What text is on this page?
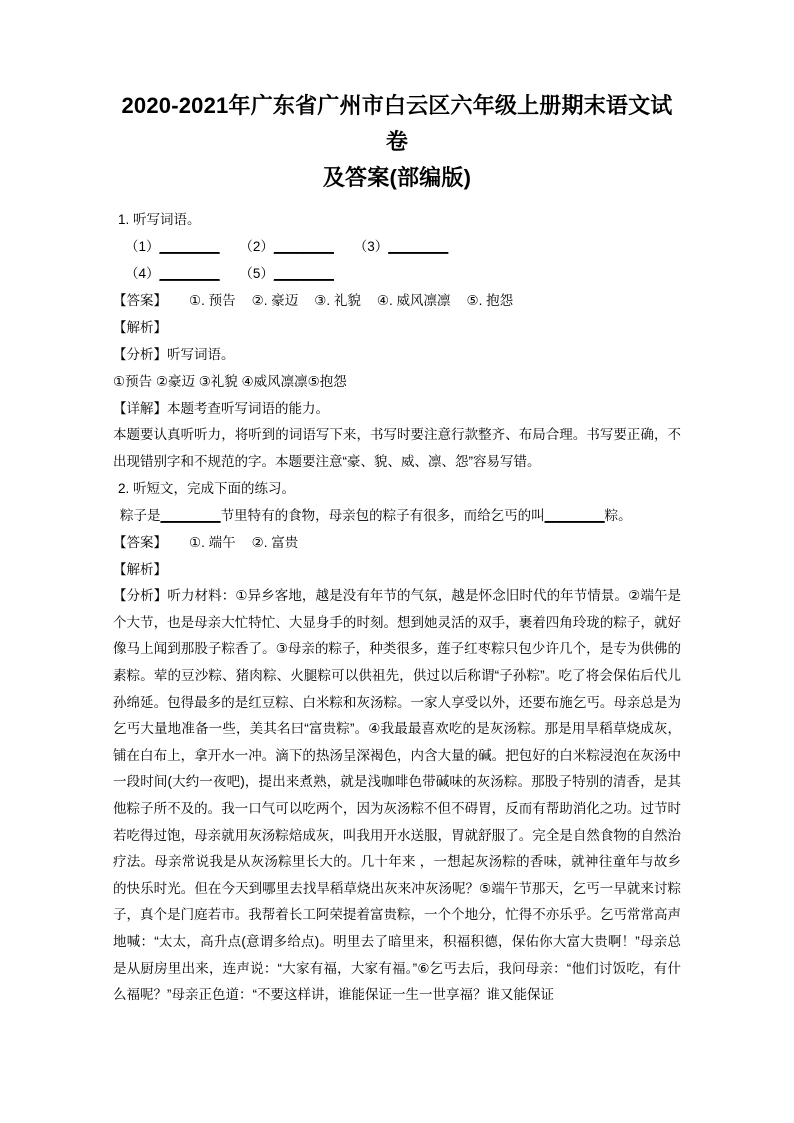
2020-2021年广东省广州市白云区六年级上册期末语文试卷
及答案(部编版)
1. 听写词语。
（1）________ （2）________ （3）________
（4）________ （5）________
【答案】 ①. 预告 ②. 豪迈 ③. 礼貌 ④. 威风凛凛 ⑤. 抱怨
【解析】
【分析】听写词语。
①预告 ②豪迈 ③礼貌 ④威风凛凛⑤抱怨
【详解】本题考查听写词语的能力。
本题要认真听听力，将听到的词语写下来，书写时要注意行款整齐、布局合理。书写要正确，不出现错别字和不规范的字。本题要注意“豪、貌、威、凛、怨”容易写错。
2. 听短文，完成下面的练习。
粽子是________节里特有的食物，母亲包的粽子有很多，而给乞丐的叫________粽。
【答案】 ①. 端午 ②. 富贵
【解析】
【分析】听力材料：①异乡客地，越是没有年节的气氛，越是怀念旧时代的年节情景。②端午是个大节，也是母亲大忙特忙、大显身手的时刻。想到她灵活的双手，裹着四角玲珑的粽子，就好像马上闻到那股子粽香了。③母亲的粽子，种类很多，莲子红枣粽只包少许几个，是专为供佛的素粽。荤的豆沙粽、猪肉粽、火腿粽可以供祖先，供过以后称谓“子孙粽”。吃了将会保佑后代儿孙绵延。包得最多的是红豆粽、白米粽和灰汤粽。一家人享受以外，还要布施乞丐。母亲总是为乞丐大量地准备一些，美其名曰“富贵粽”。④我最最喜欢吃的是灰汤粽。那是用旱稻草烧成灰，铺在白布上，拿开水一冲。滴下的热汤呈深褐色，内含大量的碱。把包好的白米粽浸泡在灰汤中一段时间(大约一夜吧)，提出来煮熟，就是浅咖啡色带碱味的灰汤粽。那股子特别的清香，是其他粽子所不及的。我一口气可以吃两个，因为灰汤粽不但不碍胃，反而有帮助消化之功。过节时若吃得过饱，母亲就用灰汤粽焙成灰，叫我用开水送服，胃就舒服了。完全是自然食物的自然治疗法。母亲常说我是从灰汤粽里长大的。几十年来 ，一想起灰汤粽的香味，就神往童年与故乡的快乐时光。但在今天到哪里去找旱稻草烧出灰来冲灰汤呢？⑤端午节那天，乞丐一早就来讨粽子，真个是门庭若市。我帮着长工阿荣提着富贵粽，一个个地分，忙得不亦乐乎。乞丐常常高声地喊：“太太，高升点(意谓多给点)。明里去了暗里来，积福积德，保佑你大富大贵啊！”母亲总是从厨房里出来，连声说：“大家有福，大家有福。”⑥乞丐去后，我问母亲：“他们讨饭吃，有什么福呢？”母亲正色道：“不要这样讲，谁能保证一生一世享福？谁又能保证
